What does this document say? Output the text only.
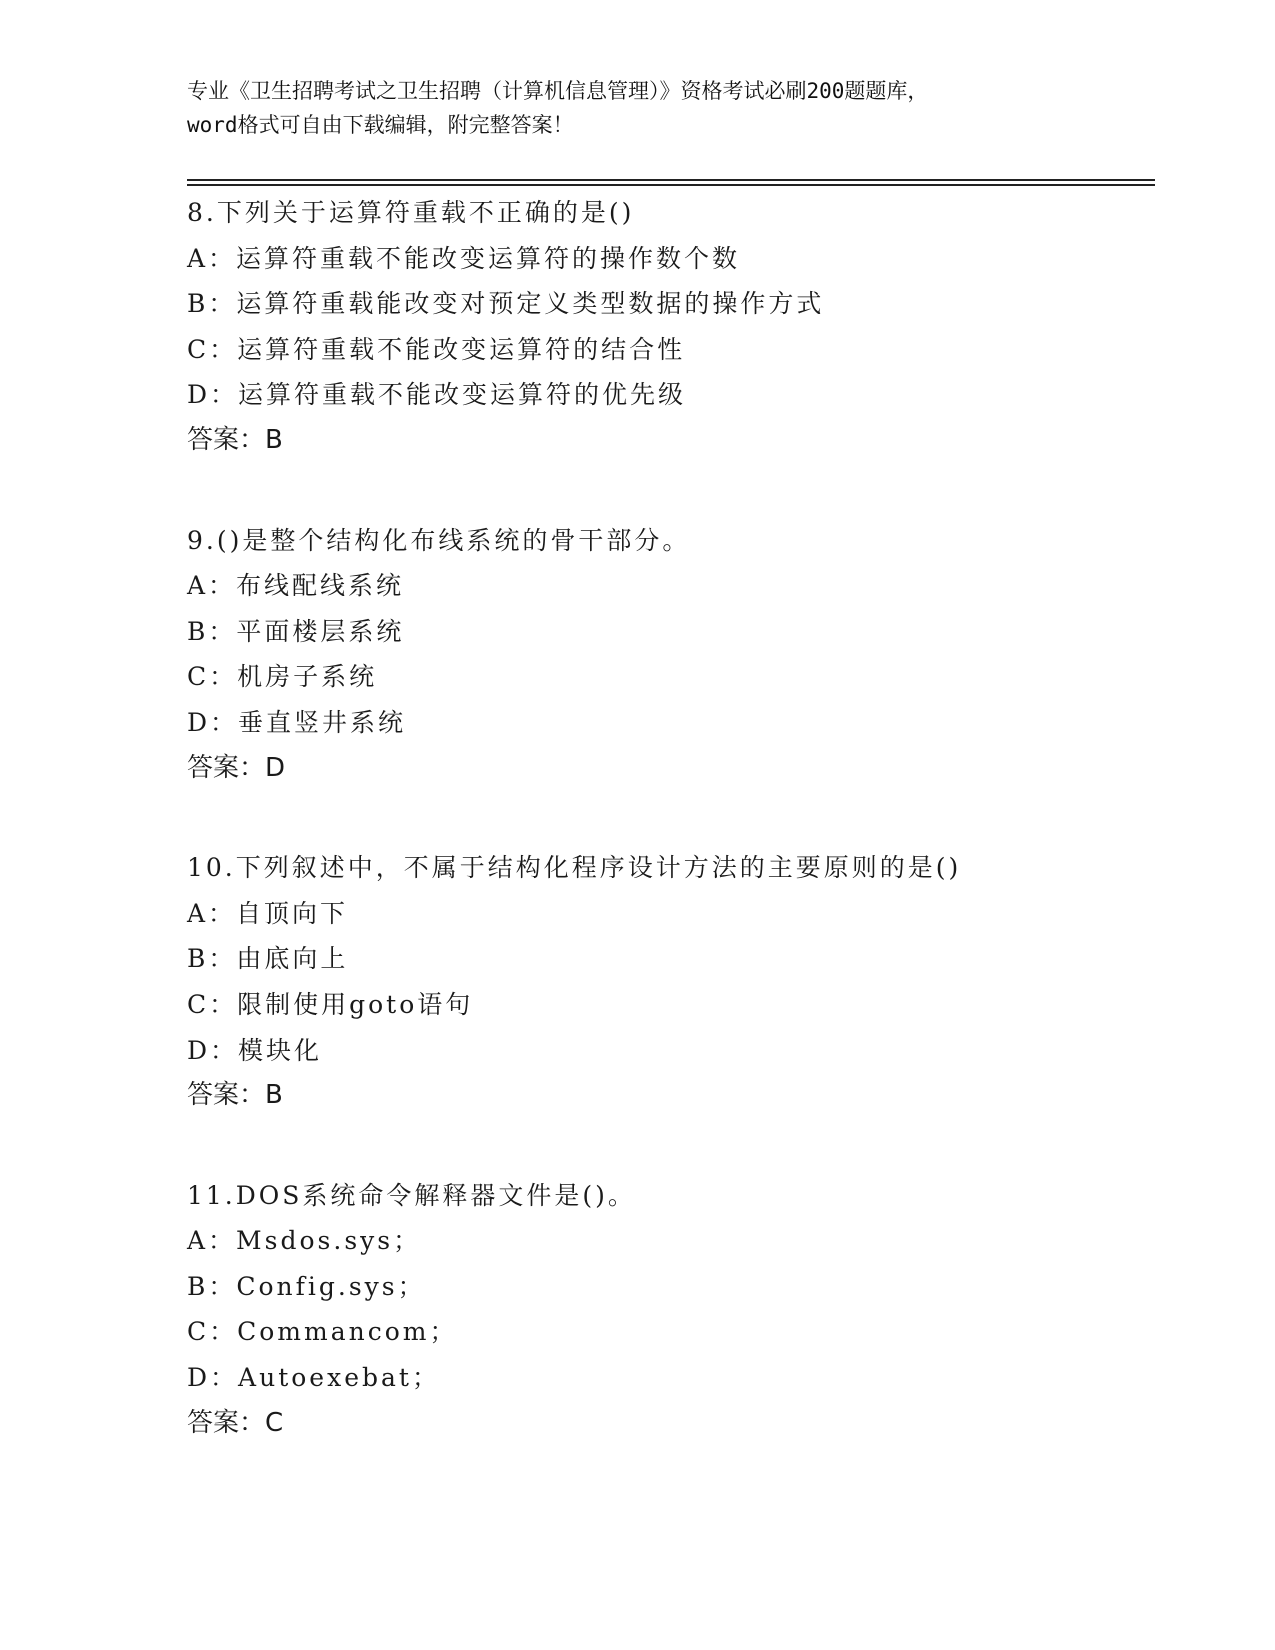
专业《卫生招聘考试之卫生招聘（计算机信息管理）》资格考试必刷200题题库，
word格式可自由下载编辑，附完整答案！
8.下列关于运算符重载不正确的是()
A：运算符重载不能改变运算符的操作数个数
B：运算符重载能改变对预定义类型数据的操作方式
C：运算符重载不能改变运算符的结合性
D：运算符重载不能改变运算符的优先级
答案：B
9.()是整个结构化布线系统的骨干部分。
A：布线配线系统
B：平面楼层系统
C：机房子系统
D：垂直竖井系统
答案：D
10.下列叙述中，不属于结构化程序设计方法的主要原则的是()
A：自顶向下
B：由底向上
C：限制使用goto语句
D：模块化
答案：B
11.DOS系统命令解释器文件是()。
A：Msdos.sys；
B：Config.sys；
C：Commancom；
D：Autoexebat；
答案：C
